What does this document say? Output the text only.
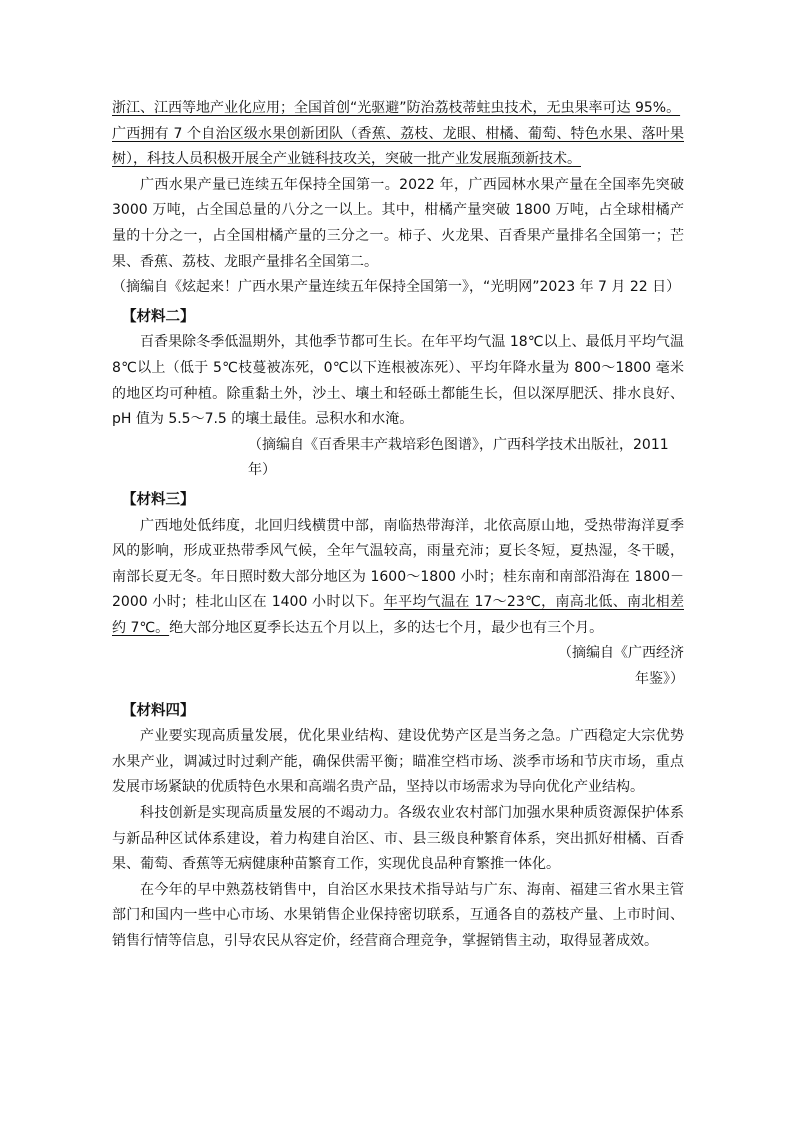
浙江、江西等地产业化应用；全国首创“光驱避”防治荔枝蒂蛀虫技术，无虫果率可达 95%。
广西拥有 7 个自治区级水果创新团队（香蕉、荔枝、龙眼、柑橘、葡萄、特色水果、落叶果树），科技人员积极开展全产业链科技攻关，突破一批产业发展瓶颈新技术。

广西水果产量已连续五年保持全国第一。2022 年，广西园林水果产量在全国率先突破 3000 万吨，占全国总量的八分之一以上。其中，柑橘产量突破 1800 万吨，占全球柑橘产量的十分之一，占全国柑橘产量的三分之一。柿子、火龙果、百香果产量排名全国第一；芒果、香蕉、荔枝、龙眼产量排名全国第二。

（摘编自《炫起来！广西水果产量连续五年保持全国第一》，“光明网”2023 年 7 月 22 日）

【材料二】

百香果除冬季低温期外，其他季节都可生长。在年平均气温 18℃以上、最低月平均气温 8℃以上（低于 5℃枝蔓被冻死，0℃以下连根被冻死）、平均年降水量为 800～1800 毫米的地区均可种植。除重黏土外，沙土、壤土和轻砾土都能生长，但以深厚肥沃、排水良好、pH 值为 5.5～7.5 的壤土最佳。忌积水和水淹。

（摘编自《百香果丰产栽培彩色图谱》，广西科学技术出版社，2011 年）

【材料三】

广西地处低纬度，北回归线横贯中部，南临热带海洋，北依高原山地，受热带海洋夏季风的影响，形成亚热带季风气候，全年气温较高，雨量充沛；夏长冬短，夏热湿，冬干暖，南部长夏无冬。年日照时数大部分地区为 1600～1800 小时；桂东南和南部沿海在 1800－2000 小时；桂北山区在 1400 小时以下。年平均气温在 17～23℃，南高北低、南北相差约 7℃。绝大部分地区夏季长达五个月以上，多的达七个月，最少也有三个月。

（摘编自《广西经济年鉴》）

【材料四】

产业要实现高质量发展，优化果业结构、建设优势产区是当务之急。广西稳定大宗优势水果产业，调减过时过剩产能，确保供需平衡；瞄准空档市场、淡季市场和节庆市场，重点发展市场紧缺的优质特色水果和高端名贵产品，坚持以市场需求为导向优化产业结构。

科技创新是实现高质量发展的不竭动力。各级农业农村部门加强水果种质资源保护体系与新品种区试体系建设，着力构建自治区、市、县三级良种繁育体系，突出抓好柑橘、百香果、葡萄、香蕉等无病健康种苗繁育工作，实现优良品种育繁推一体化。

在今年的早中熟荔枝销售中，自治区水果技术指导站与广东、海南、福建三省水果主管部门和国内一些中心市场、水果销售企业保持密切联系，互通各自的荔枝产量、上市时间、销售行情等信息，引导农民从容定价，经营商合理竞争，掌握销售主动，取得显著成效。
